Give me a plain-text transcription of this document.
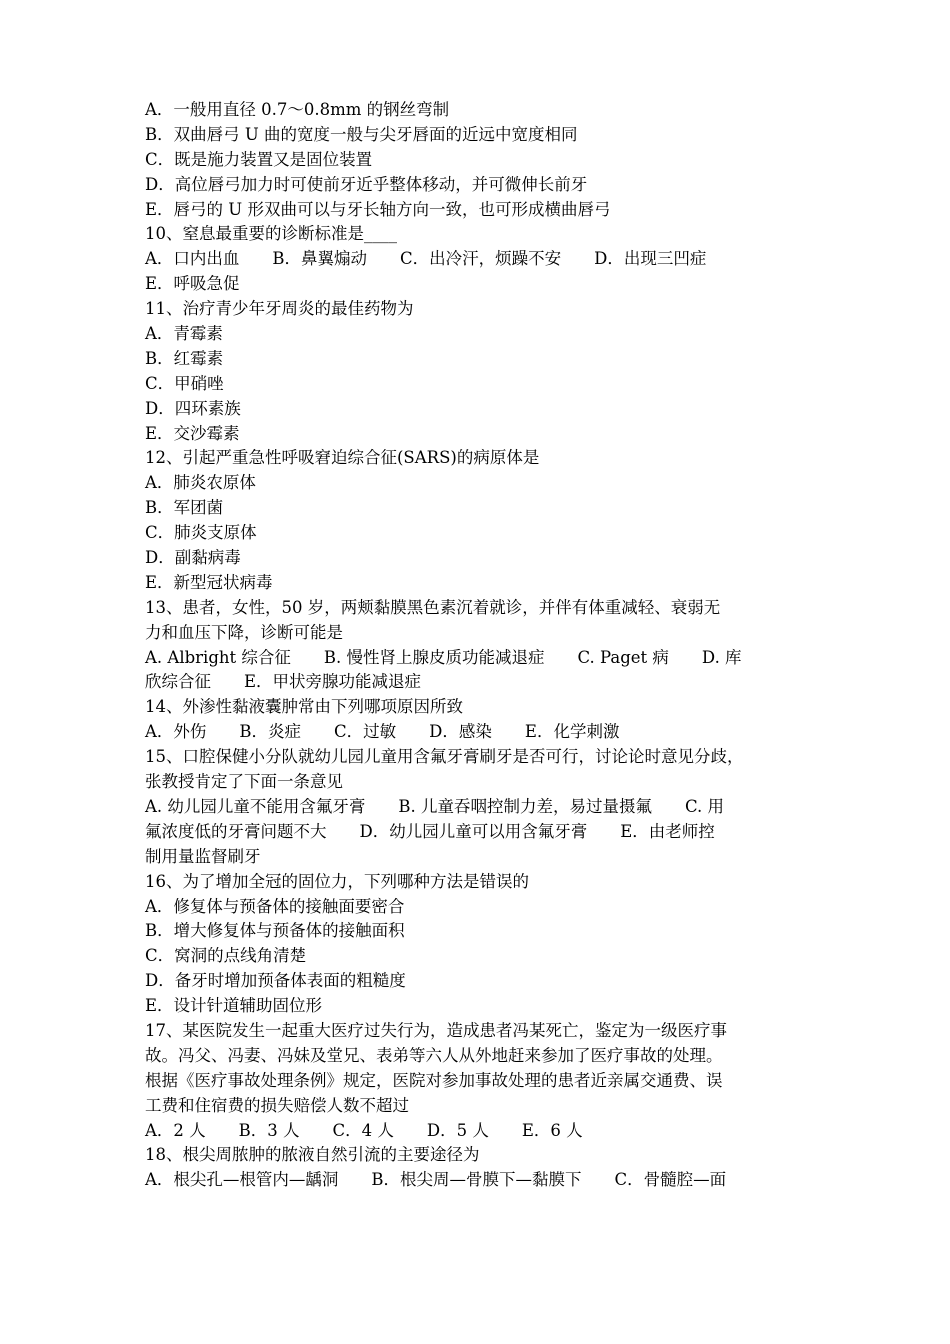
A．一般用直径 0.7～0.8mm 的钢丝弯制
B．双曲唇弓 U 曲的宽度一般与尖牙唇面的近远中宽度相同
C．既是施力装置又是固位装置
D．高位唇弓加力时可使前牙近乎整体移动，并可微伸长前牙
E．唇弓的 U 形双曲可以与牙长轴方向一致，也可形成横曲唇弓
10、窒息最重要的诊断标准是____
A．口内出血　　B．鼻翼煽动　　C．出冷汗，烦躁不安　　D．出现三凹症
E．呼吸急促
11、治疗青少年牙周炎的最佳药物为
A．青霉素
B．红霉素
C．甲硝唑
D．四环素族
E．交沙霉素
12、引起严重急性呼吸窘迫综合征(SARS)的病原体是
A．肺炎农原体
B．军团菌
C．肺炎支原体
D．副黏病毒
E．新型冠状病毒
13、患者，女性，50 岁，两颊黏膜黑色素沉着就诊，并伴有体重减轻、衰弱无
力和血压下降，诊断可能是
A. Albright 综合征　　B. 慢性肾上腺皮质功能减退症　　C. Paget 病　　D. 库
欣综合征　　E．甲状旁腺功能减退症
14、外渗性黏液囊肿常由下列哪项原因所致
A．外伤　　B．炎症　　C．过敏　　D．感染　　E．化学刺激
15、口腔保健小分队就幼儿园儿童用含氟牙膏刷牙是否可行，讨论论时意见分歧，
张教授肯定了下面一条意见
A. 幼儿园儿童不能用含氟牙膏　　B. 儿童吞咽控制力差，易过量摄氟　　C. 用
氟浓度低的牙膏问题不大　　D．幼儿园儿童可以用含氟牙膏　　E．由老师控
制用量监督刷牙
16、为了增加全冠的固位力，下列哪种方法是错误的
A．修复体与预备体的接触面要密合
B．增大修复体与预备体的接触面积
C．窝洞的点线角清楚
D．备牙时增加预备体表面的粗糙度
E．设计针道辅助固位形
17、某医院发生一起重大医疗过失行为，造成患者冯某死亡，鉴定为一级医疗事
故。冯父、冯妻、冯妹及堂兄、表弟等六人从外地赶来参加了医疗事故的处理。
根据《医疗事故处理条例》规定，医院对参加事故处理的患者近亲属交通费、误
工费和住宿费的损失赔偿人数不超过
A．2 人　　B．3 人　　C．4 人　　D．5 人　　E．6 人
18、根尖周脓肿的脓液自然引流的主要途径为
A．根尖孔—根管内—龋洞　　B．根尖周—骨膜下—黏膜下　　C．骨髓腔—面
